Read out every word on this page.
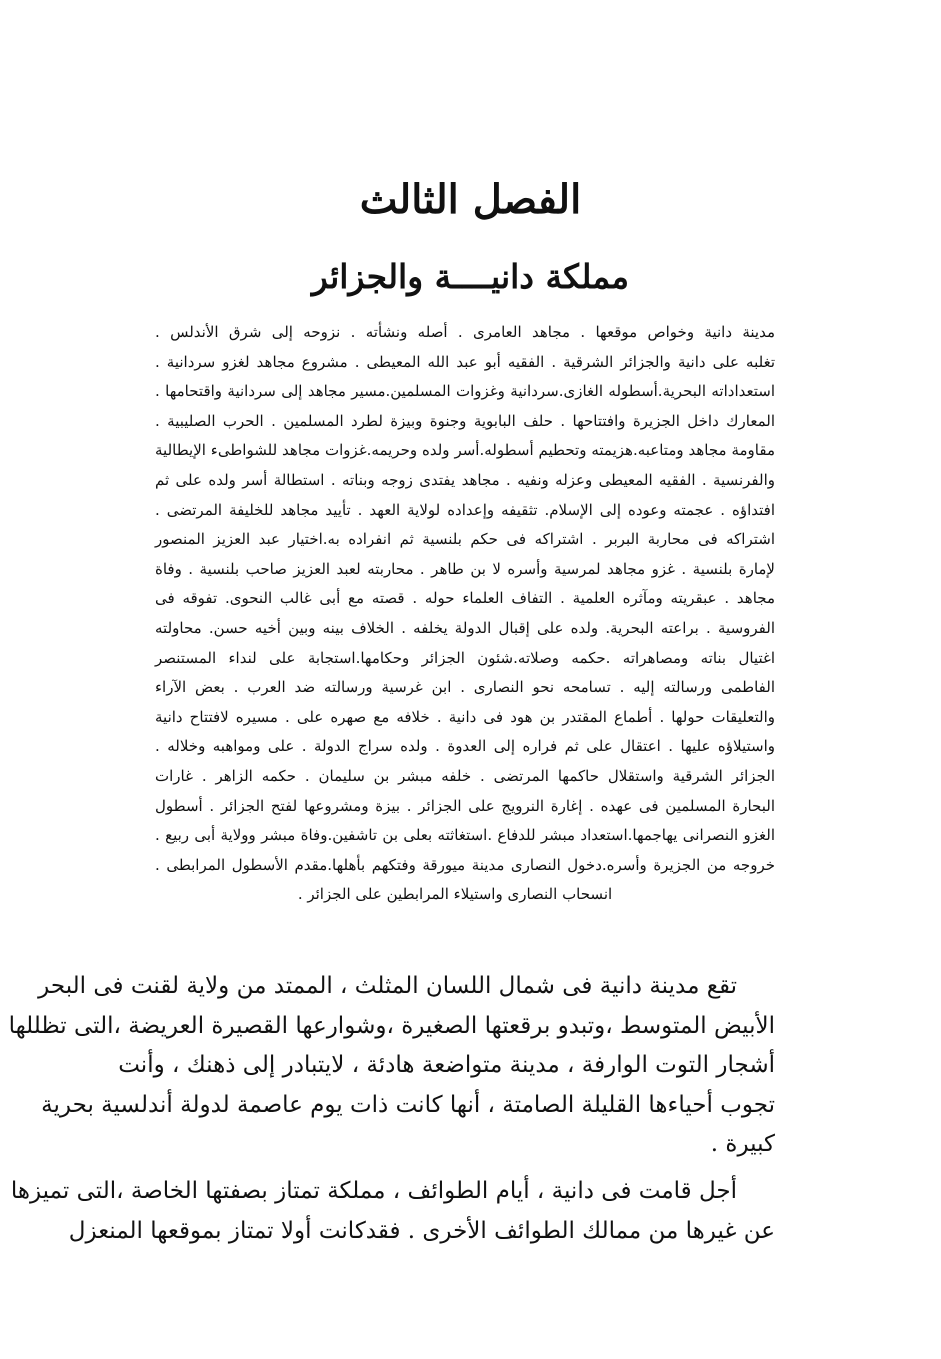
الفصل الثالث
مملكة دانيــــة والجزائر
مدينة دانية وخواص موقعها . مجاهد العامرى . أصله ونشأته . نزوحه إلى شرق الأندلس .
تغلبه على دانية والجزائر الشرقية . الفقيه أبو عبد الله المعيطى . مشروع مجاهد لغزو سردانية .
استعداداته البحرية.أسطوله الغازى.سردانية وغزوات المسلمين.مسير مجاهد إلى سردانية واقتحامها .
المعارك داخل الجزيرة وافتتاحها . حلف البابوية وجنوة وبيزة لطرد المسلمين . الحرب الصليبية .
مقاومة مجاهد ومتاعبه.هزيمته وتحطيم أسطوله.أسر ولده وحريمه.غزوات مجاهد للشواطىء الإيطالية
والفرنسية . الفقيه المعيطى وعزله ونفيه . مجاهد يفتدى زوجه وبناته . استطالة أسر ولده على ثم
افتداؤه . عجمته وعوده إلى الإسلام. تثقيفه وإعداده لولاية العهد . تأييد مجاهد للخليفة المرتضى .
اشتراكه فى محاربة البربر . اشتراكه فى حكم بلنسية ثم انفراده به.اختيار عبد العزيز المنصور
لإمارة بلنسية . غزو مجاهد لمرسية وأسره لا بن طاهر . محاربته لعبد العزيز صاحب بلنسية . وفاة
مجاهد . عبقريته ومآثره العلمية . التفاف العلماء حوله . قصته مع أبى غالب النحوى. تفوقه فى
الفروسية . براعته البحرية. ولده على إقبال الدولة يخلفه . الخلاف بينه وبين أخيه حسن. محاولته
اغتيال بناته ومصاهراته .حكمه وصلاته.شئون الجزائر وحكامها.استجابة على لنداء المستنصر
الفاطمى ورسالته إليه . تسامحه نحو النصارى . ابن غرسية ورسالته ضد العرب . بعض الآراء
والتعليقات حولها . أطماع المقتدر بن هود فى دانية . خلافه مع صهره على . مسيره لافتتاح دانية
واستيلاؤه عليها . اعتقال على ثم فراره إلى العدوة . ولده سراج الدولة . على ومواهبه وخلاله .
الجزائر الشرقية واستقلال حاكمها المرتضى . خلفه مبشر بن سليمان . حكمه الزاهر . غارات
البحارة المسلمين فى عهده . إغارة النرويج على الجزائر . بيزة ومشروعها لفتح الجزائر . أسطول
الغزو النصرانى يهاجمها.استعداد مبشر للدفاع .استغاثته بعلى بن تاشفين.وفاة مبشر وولاية أبى ربيع .
خروجه من الجزيرة وأسره.دخول النصارى مدينة ميورقة وفتكهم بأهلها.مقدم الأسطول المرابطى .
انسحاب النصارى واستيلاء المرابطين على الجزائر .
تقع مدينة دانية فى شمال اللسان المثلث ، الممتد من ولاية لقنت فى البحر
الأبيض المتوسط ،وتبدو برقعتها الصغيرة ،وشوارعها القصيرة العريضة ،التى تظللها
أشجار التوت الوارفة ، مدينة متواضعة هادئة ، لايتبادر إلى ذهنك ، وأنت
تجوب أحياءها القليلة الصامتة ، أنها كانت ذات يوم عاصمة لدولة أندلسية بحرية
كبيرة .
أجل قامت فى دانية ، أيام الطوائف ، مملكة تمتاز بصفتها الخاصة ،التى تميزها
عن غيرها من ممالك الطوائف الأخرى . فقدكانت أولا تمتاز بموقعها المنعزل
